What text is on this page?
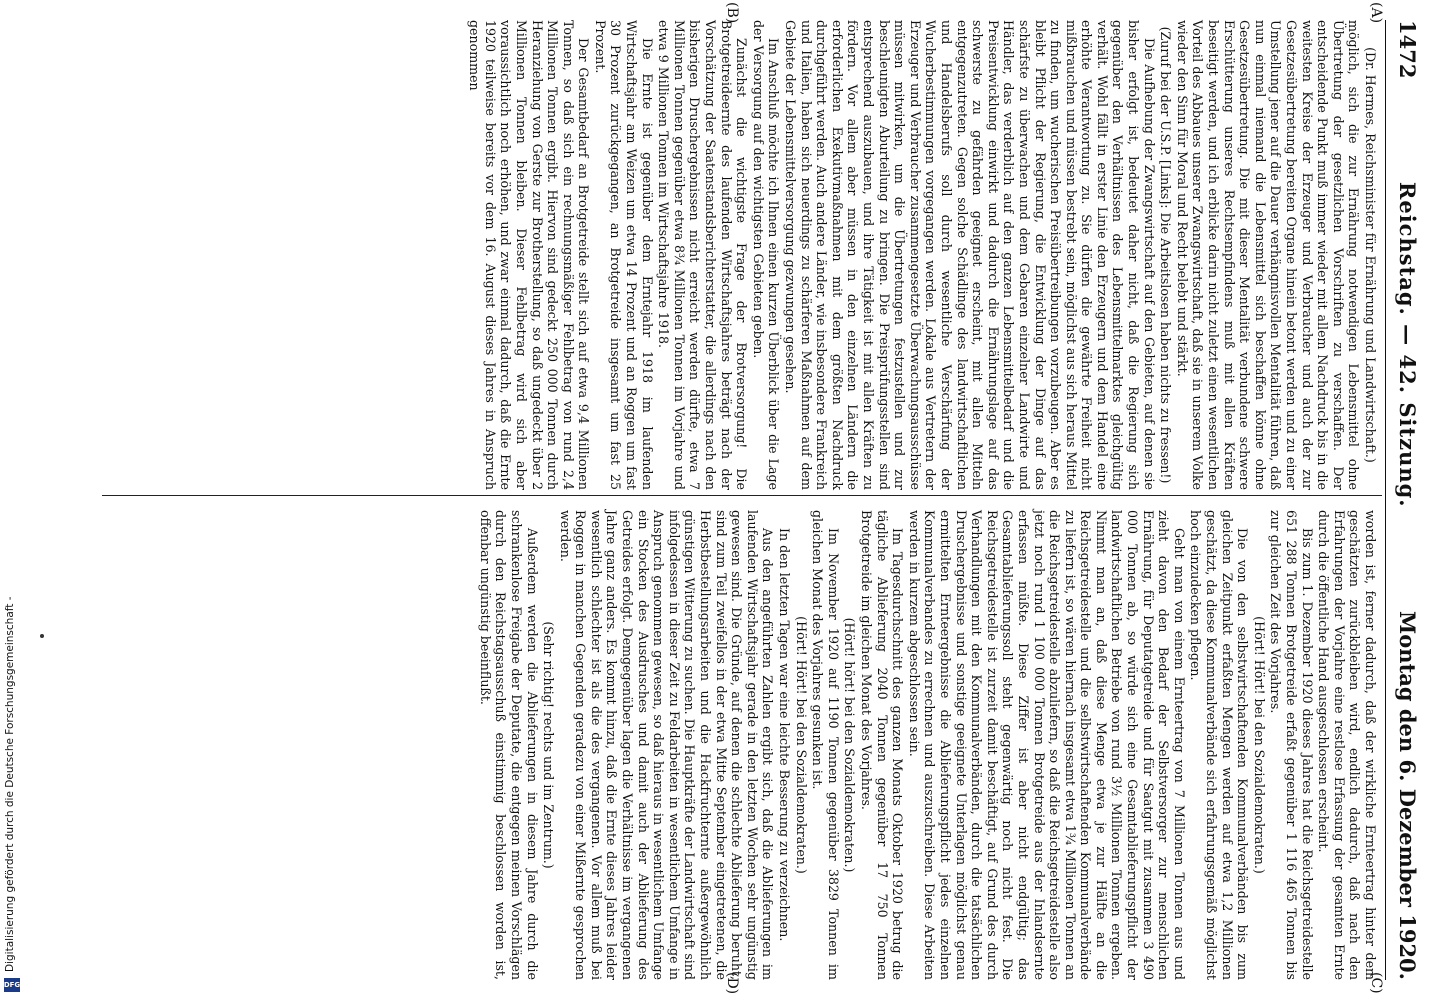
Digitalisierung gefördert durch die Deutsche Forschungsgemeinschaft -
DFG
1472
Reichstag. — 42. Sitzung.
Montag den 6. Dezember 1920.
(A)
(B)
(C)
(D)

(Dr. Hermes, Reichsminister für Ernährung und Landwirtschaft.)

möglich, sich die zur Ernährung notwendigen Lebensmittel ohne Übertretung der gesetzlichen Vorschriften zu verschaffen. Der entscheidende Punkt muß immer wieder mit allem Nachdruck bis in die weitesten Kreise der Erzeuger und Verbraucher und auch der zur Gesetzesübertretung bereiten Organe hinein betont werden und zu einer Umstellung jener auf die Dauer verhängnisvollen Mentalität führen, daß nun einmal niemand die Lebensmittel sich beschaffen könne ohne Gesetzesübertretung. Die mit dieser Mentalität verbundene schwere Erschütterung unseres Rechtsempfindens muß mit allen Kräften beseitigt werden, und ich erblicke darin nicht zuletzt einen wesentlichen Vorteil des Abbaues unserer Zwangswirtschaft, daß sie in unserem Volke wieder den Sinn für Moral und Recht belebt und stärkt.

(Zuruf bei der U.S.P. [Links]: Die Arbeitslosen haben nichts zu fressen!)

Die Aufhebung der Zwangswirtschaft auf den Gebieten, auf denen sie bisher erfolgt ist, bedeutet daher nicht, daß die Regierung sich gegenüber den Verhältnissen des Lebensmittelmarktes gleichgültig verhält. Wohl fällt in erster Linie den Erzeugern und dem Handel eine erhöhte Verantwortung zu. Sie dürfen die gewährte Freiheit nicht mißbrauchen und müssen bestrebt sein, möglichst aus sich heraus Mittel zu finden, um wucherischen Preisübertreibungen vorzubeugen. Aber es bleibt Pflicht der Regierung, die Entwicklung der Dinge auf das schärfste zu überwachen und dem Gebaren einzelner Landwirte und Händler, das verderblich auf den ganzen Lebensmittelbedarf und die Preisentwicklung einwirkt und dadurch die Ernährungslage auf das schwerste zu gefährden geeignet erscheint, mit allen Mitteln entgegenzutreten. Gegen solche Schädlinge des landwirtschaftlichen und Handelsberufs soll durch wesentliche Verschärfung der Wucherbestimmungen vorgegangen werden. Lokale aus Vertretern der Erzeuger und Verbraucher zusammengesetzte Überwachungsausschüsse müssen mitwirken, um die Übertretungen festzustellen und zur beschleunigten Aburteilung zu bringen. Die Preisprüfungsstellen sind entsprechend auszubauen, und ihre Tätigkeit ist mit allen Kräften zu fördern. Vor allem aber müssen in den einzelnen Ländern die erforderlichen Exekutivmaßnahmen mit dem größten Nachdruck durchgeführt werden. Auch andere Länder, wie insbesondere Frankreich und Italien, haben sich neuerdings zu schärferen Maßnahmen auf dem Gebiete der Lebensmittelversorgung gezwungen gesehen.

Im Anschluß möchte ich Ihnen einen kurzen Überblick über die Lage der Versorgung auf den wichtigsten Gebieten geben.

Zunächst die wichtigste Frage der Brotversorgung! Die Brotgetreideernte des laufenden Wirtschaftsjahres beträgt nach der Vorschätzung der Saatenstandsberichterstatter, die allerdings nach den bisherigen Druschergebnissen nicht erreicht werden dürfte, etwa 7 Millionen Tonnen gegenüber etwa 8¾ Millionen Tonnen im Vorjahre und etwa 9 Millionen Tonnen im Wirtschaftsjahre 1918.

Die Ernte ist gegenüber dem Erntejahr 1918 im laufenden Wirtschaftsjahr am Weizen um etwa 14 Prozent und an Roggen um fast 30 Prozent zurückgegangen, an Brotgetreide insgesamt um fast 25 Prozent.

Der Gesamtbedarf an Brotgetreide stellt sich auf etwa 9,4 Millionen Tonnen, so daß sich ein rechnungsmäßiger Fehlbetrag von rund 2,4 Millionen Tonnen ergibt. Hiervon sind gedeckt 250 000 Tonnen durch Heranziehung von Gerste zur Brotherstellung, so daß ungedeckt über 2 Millionen Tonnen bleiben. Dieser Fehlbetrag wird sich aber voraussichtlich noch erhöhen, und zwar einmal dadurch, daß die Ernte 1920 teilweise bereits vor dem 16. August dieses Jahres in Anspruch genommen

worden ist, ferner dadurch, daß der wirkliche Ernteertrag hinter dem geschätzten zurückbleiben wird, endlich dadurch, daß nach den Erfahrungen der Vorjahre eine restlose Erfassung der gesamten Ernte durch die öffentliche Hand ausgeschlossen erscheint.

Bis zum 1. Dezember 1920 dieses Jahres hat die Reichsgetreidestelle 651 288 Tonnen Brotgetreide erfaßt gegenüber 1 116 465 Tonnen bis zur gleichen Zeit des Vorjahres.

(Hört! Hört! bei den Sozialdemokraten.)

Die von den selbstwirtschaftenden Kommunalverbänden bis zum gleichen Zeitpunkt erfaßten Mengen werden auf etwa 1,2 Millionen geschätzt, da diese Kommunalverbände sich erfahrungsgemäß möglichst hoch einzudecken pflegen.

Geht man von einem Ernteertrag von 7 Millionen Tonnen aus und zieht davon den Bedarf der Selbstversorger zur menschlichen Ernährung, für Deputatgetreide und für Saatgut mit zusammen 3 490 000 Tonnen ab, so würde sich eine Gesamtablieferungspflicht der landwirtschaftlichen Betriebe von rund 3½ Millionen Tonnen ergeben. Nimmt man an, daß diese Menge etwa je zur Hälfte an die Reichsgetreidestelle und die selbstwirtschaftenden Kommunalverbände zu liefern ist, so wären hiernach insgesamt etwa 1¾ Millionen Tonnen an die Reichsgetreidestelle abzuliefern, so daß die Reichsgetreidestelle also jetzt noch rund 1 100 000 Tonnen Brotgetreide aus der Inlandsernte erfassen müßte. Diese Ziffer ist aber nicht endgültig; das Gesamtablieferungssoll steht gegenwärtig noch nicht fest. Die Reichsgetreidestelle ist zurzeit damit beschäftigt, auf Grund des durch Verhandlungen mit den Kommunalverbänden, durch die tatsächlichen Druschergebnisse und sonstige geeignete Unterlagen möglichst genau ermittelten Ernteergebnisse die Ablieferungspflicht jedes einzelnen Kommunalverbandes zu errechnen und auszuschreiben. Diese Arbeiten werden in kurzem abgeschlossen sein.

Im Tagesdurchschnitt des ganzen Monats Oktober 1920 betrug die tägliche Ablieferung 2040 Tonnen gegenüber 17 750 Tonnen Brotgetreide im gleichen Monat des Vorjahres.

(Hört! hört! bei den Sozialdemokraten.)

Im November 1920 auf 1190 Tonnen gegenüber 3829 Tonnen im gleichen Monat des Vorjahres gesunken ist.

(Hört! Hört! bei den Sozialdemokraten.)

In den letzten Tagen war eine leichte Besserung zu verzeichnen.

Aus den angeführten Zahlen ergibt sich, daß die Ablieferungen im laufenden Wirtschaftsjahr gerade in den letzten Wochen sehr ungünstig gewesen sind. Die Gründe, auf denen die schlechte Ablieferung beruht, sind zum Teil zweifellos in der etwa Mitte September eingetretenen, die Herbstbestellungsarbeiten und die Hackfruchternte außergewöhnlich günstigen Witterung zu suchen. Die Hauptkräfte der Landwirtschaft sind infolgedessen in dieser Zeit zu Feldarbeiten in wesentlichem Umfange in Anspruch genommen gewesen, so daß hieraus in wesentlichem Umfange ein Stocken des Ausdrusches und damit auch der Ablieferung des Getreides erfolgt. Demgegenüber lagen die Verhältnisse im vergangenen Jahre ganz anders. Es kommt hinzu, daß die Ernte dieses Jahres leider wesentlich schlechter ist als die des vergangenen. Vor allem muß bei Roggen in manchen Gegenden geradezu von einer Mißernte gesprochen werden.

(Sehr richtig! rechts und im Zentrum.)

Außerdem werden die Ablieferungen in diesem Jahre durch die schrankenlose Freigabe der Deputate, die entgegen meinen Vorschlägen durch den Reichstagsausschuß einstimmig beschlossen worden ist, offenbar ungünstig beeinflußt.
